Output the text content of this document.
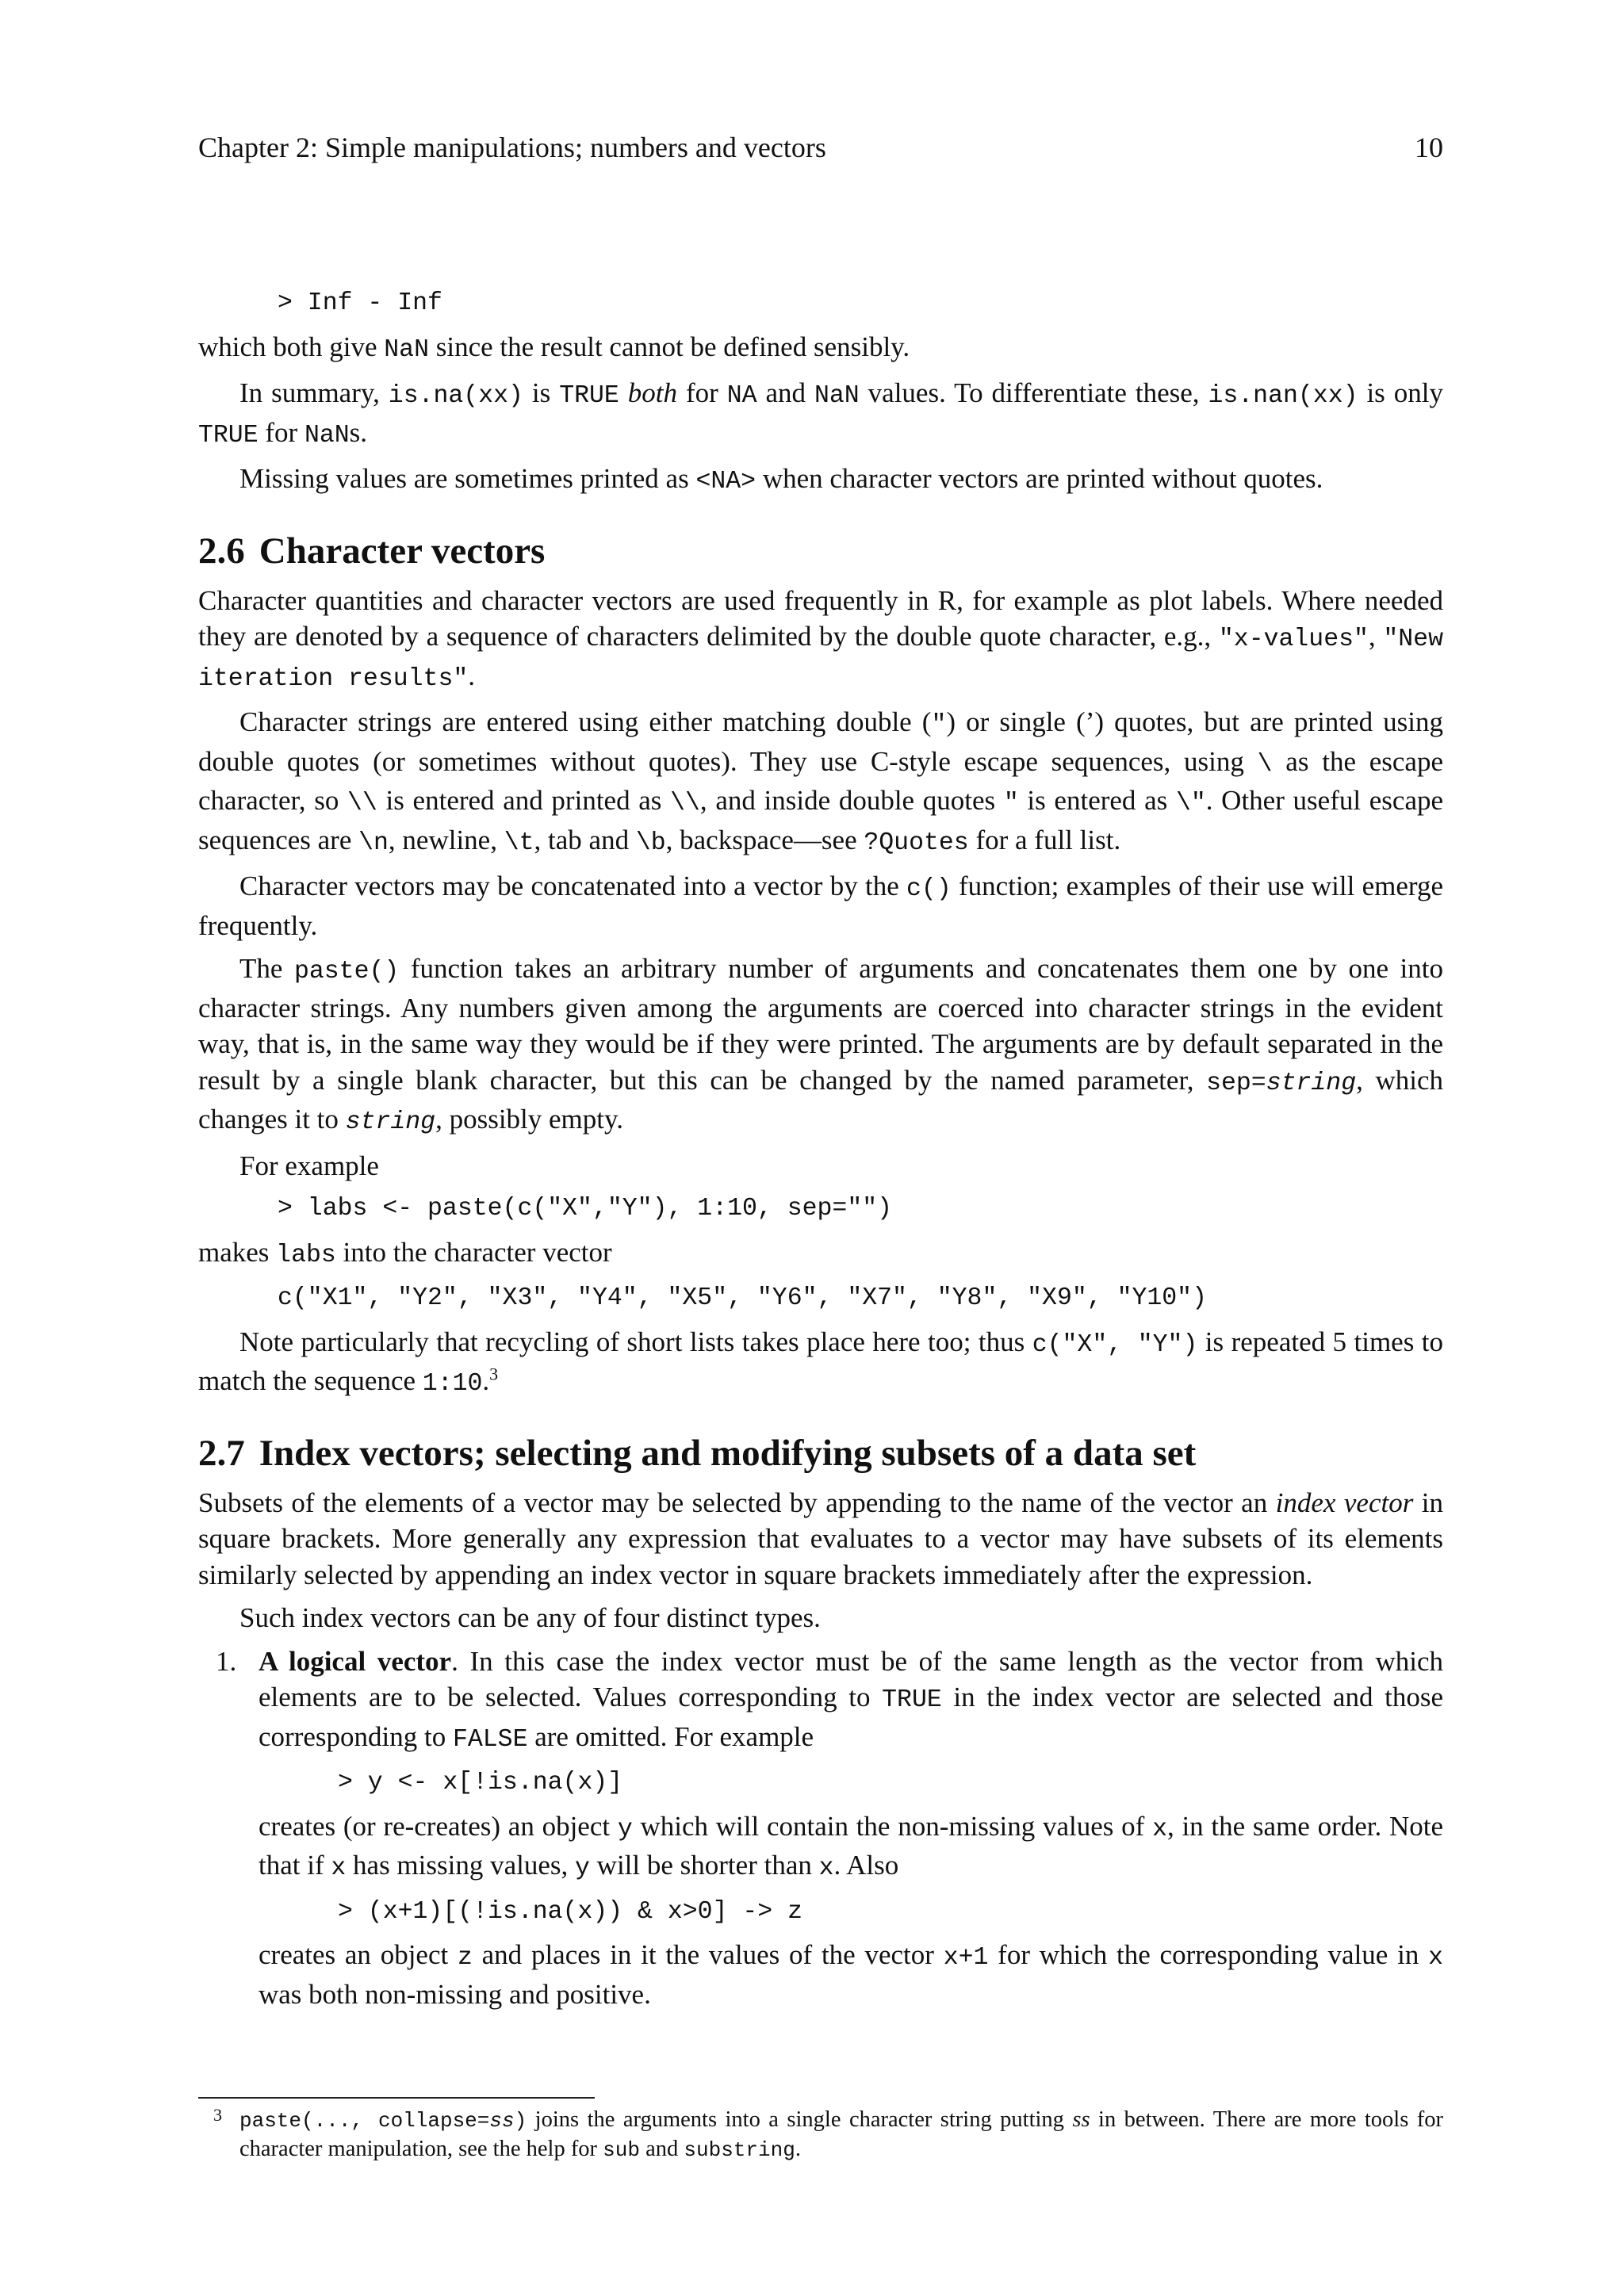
Chapter 2: Simple manipulations; numbers and vectors	10
> Inf - Inf

which both give NaN since the result cannot be defined sensibly.

In summary, is.na(xx) is TRUE both for NA and NaN values. To differentiate these, is.nan(xx) is only TRUE for NaNs.

Missing values are sometimes printed as <NA> when character vectors are printed without quotes.

2.6 Character vectors

Character quantities and character vectors are used frequently in R, for example as plot labels. Where needed they are denoted by a sequence of characters delimited by the double quote character, e.g., "x-values", "New iteration results".

Character strings are entered using either matching double (") or single (’) quotes, but are printed using double quotes (or sometimes without quotes). They use C-style escape sequences, using \ as the escape character, so \\ is entered and printed as \\, and inside double quotes " is entered as \". Other useful escape sequences are \n, newline, \t, tab and \b, backspace—see ?Quotes for a full list.

Character vectors may be concatenated into a vector by the c() function; examples of their use will emerge frequently.

The paste() function takes an arbitrary number of arguments and concatenates them one by one into character strings. Any numbers given among the arguments are coerced into character strings in the evident way, that is, in the same way they would be if they were printed. The arguments are by default separated in the result by a single blank character, but this can be changed by the named parameter, sep=string, which changes it to string, possibly empty.

For example

> labs <- paste(c("X","Y"), 1:10, sep="")

makes labs into the character vector

c("X1", "Y2", "X3", "Y4", "X5", "Y6", "X7", "Y8", "X9", "Y10")

Note particularly that recycling of short lists takes place here too; thus c("X", "Y") is repeated 5 times to match the sequence 1:10.$^3$

2.7 Index vectors; selecting and modifying subsets of a data set

Subsets of the elements of a vector may be selected by appending to the name of the vector an index vector in square brackets. More generally any expression that evaluates to a vector may have subsets of its elements similarly selected by appending an index vector in square brackets immediately after the expression.

Such index vectors can be any of four distinct types.

1. A logical vector. In this case the index vector must be of the same length as the vector from which elements are to be selected. Values corresponding to TRUE in the index vector are selected and those corresponding to FALSE are omitted. For example

> y <- x[!is.na(x)]

creates (or re-creates) an object y which will contain the non-missing values of x, in the same order. Note that if x has missing values, y will be shorter than x. Also

> (x+1)[(!is.na(x)) & x>0] -> z

creates an object z and places in it the values of the vector x+1 for which the corresponding value in x was both non-missing and positive.

3 paste(..., collapse=ss) joins the arguments into a single character string putting ss in between. There are more tools for character manipulation, see the help for sub and substring.
